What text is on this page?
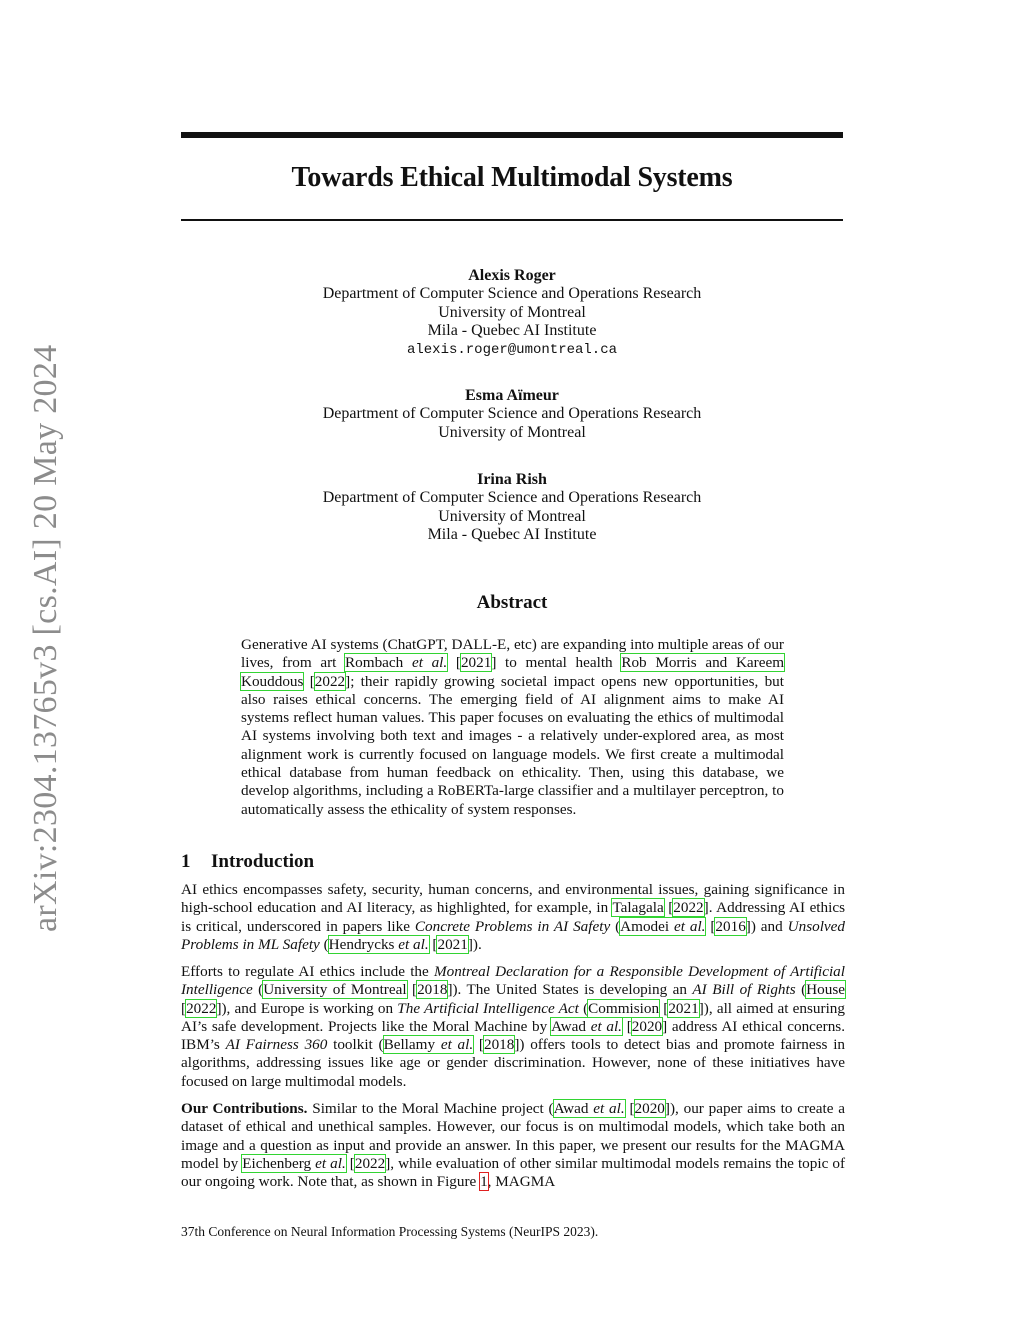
arXiv:2304.13765v3 [cs.AI] 20 May 2024
Towards Ethical Multimodal Systems
Alexis Roger
Department of Computer Science and Operations Research
University of Montreal
Mila - Quebec AI Institute
alexis.roger@umontreal.ca
Esma Aïmeur
Department of Computer Science and Operations Research
University of Montreal
Irina Rish
Department of Computer Science and Operations Research
University of Montreal
Mila - Quebec AI Institute
Abstract
Generative AI systems (ChatGPT, DALL-E, etc) are expanding into multiple areas of our lives, from art Rombach et al. [2021] to mental health Rob Morris and Kareem Kouddous [2022]; their rapidly growing societal impact opens new opportunities, but also raises ethical concerns. The emerging field of AI alignment aims to make AI systems reflect human values. This paper focuses on evaluating the ethics of multimodal AI systems involving both text and images - a relatively under-explored area, as most alignment work is currently focused on language models. We first create a multimodal ethical database from human feedback on ethicality. Then, using this database, we develop algorithms, including a RoBERTa-large classifier and a multilayer perceptron, to automatically assess the ethicality of system responses.
1 Introduction
AI ethics encompasses safety, security, human concerns, and environmental issues, gaining significance in high-school education and AI literacy, as highlighted, for example, in Talagala [2022]. Addressing AI ethics is critical, underscored in papers like Concrete Problems in AI Safety (Amodei et al. [2016]) and Unsolved Problems in ML Safety (Hendrycks et al. [2021]).
Efforts to regulate AI ethics include the Montreal Declaration for a Responsible Development of Artificial Intelligence (University of Montreal [2018]). The United States is developing an AI Bill of Rights (House [2022]), and Europe is working on The Artificial Intelligence Act (Commision [2021]), all aimed at ensuring AI’s safe development. Projects like the Moral Machine by Awad et al. [2020] address AI ethical concerns. IBM’s AI Fairness 360 toolkit (Bellamy et al. [2018]) offers tools to detect bias and promote fairness in algorithms, addressing issues like age or gender discrimination. However, none of these initiatives have focused on large multimodal models.
Our Contributions. Similar to the Moral Machine project (Awad et al. [2020]), our paper aims to create a dataset of ethical and unethical samples. However, our focus is on multimodal models, which take both an image and a question as input and provide an answer. In this paper, we present our results for the MAGMA model by Eichenberg et al. [2022], while evaluation of other similar multimodal models remains the topic of our ongoing work. Note that, as shown in Figure 1, MAGMA
37th Conference on Neural Information Processing Systems (NeurIPS 2023).
